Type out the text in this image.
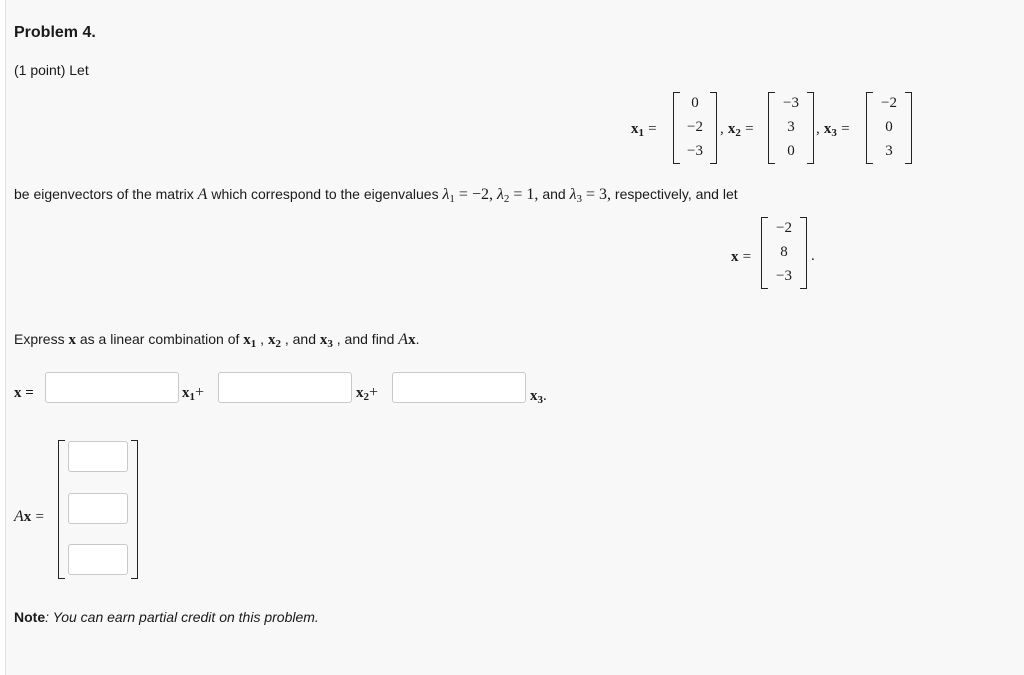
Problem 4.
(1 point) Let
$x_1$ =
0
−2
−3
, $x_2$ =
−3
3
0
, $x_3$ =
−2
0
3
be eigenvectors of the matrix A which correspond to the eigenvalues $\lambda_1 = -2$, $\lambda_2 = 1$, and $\lambda_3 = 3$, respectively, and let
x =
−2
8
−3
.
Express x as a linear combination of $x_1$ , $x_2$ , and $x_3$ , and find Ax.
x =	$x_1+$	$x_2+$	$x_3$.
Ax =
Note: You can earn partial credit on this problem.
